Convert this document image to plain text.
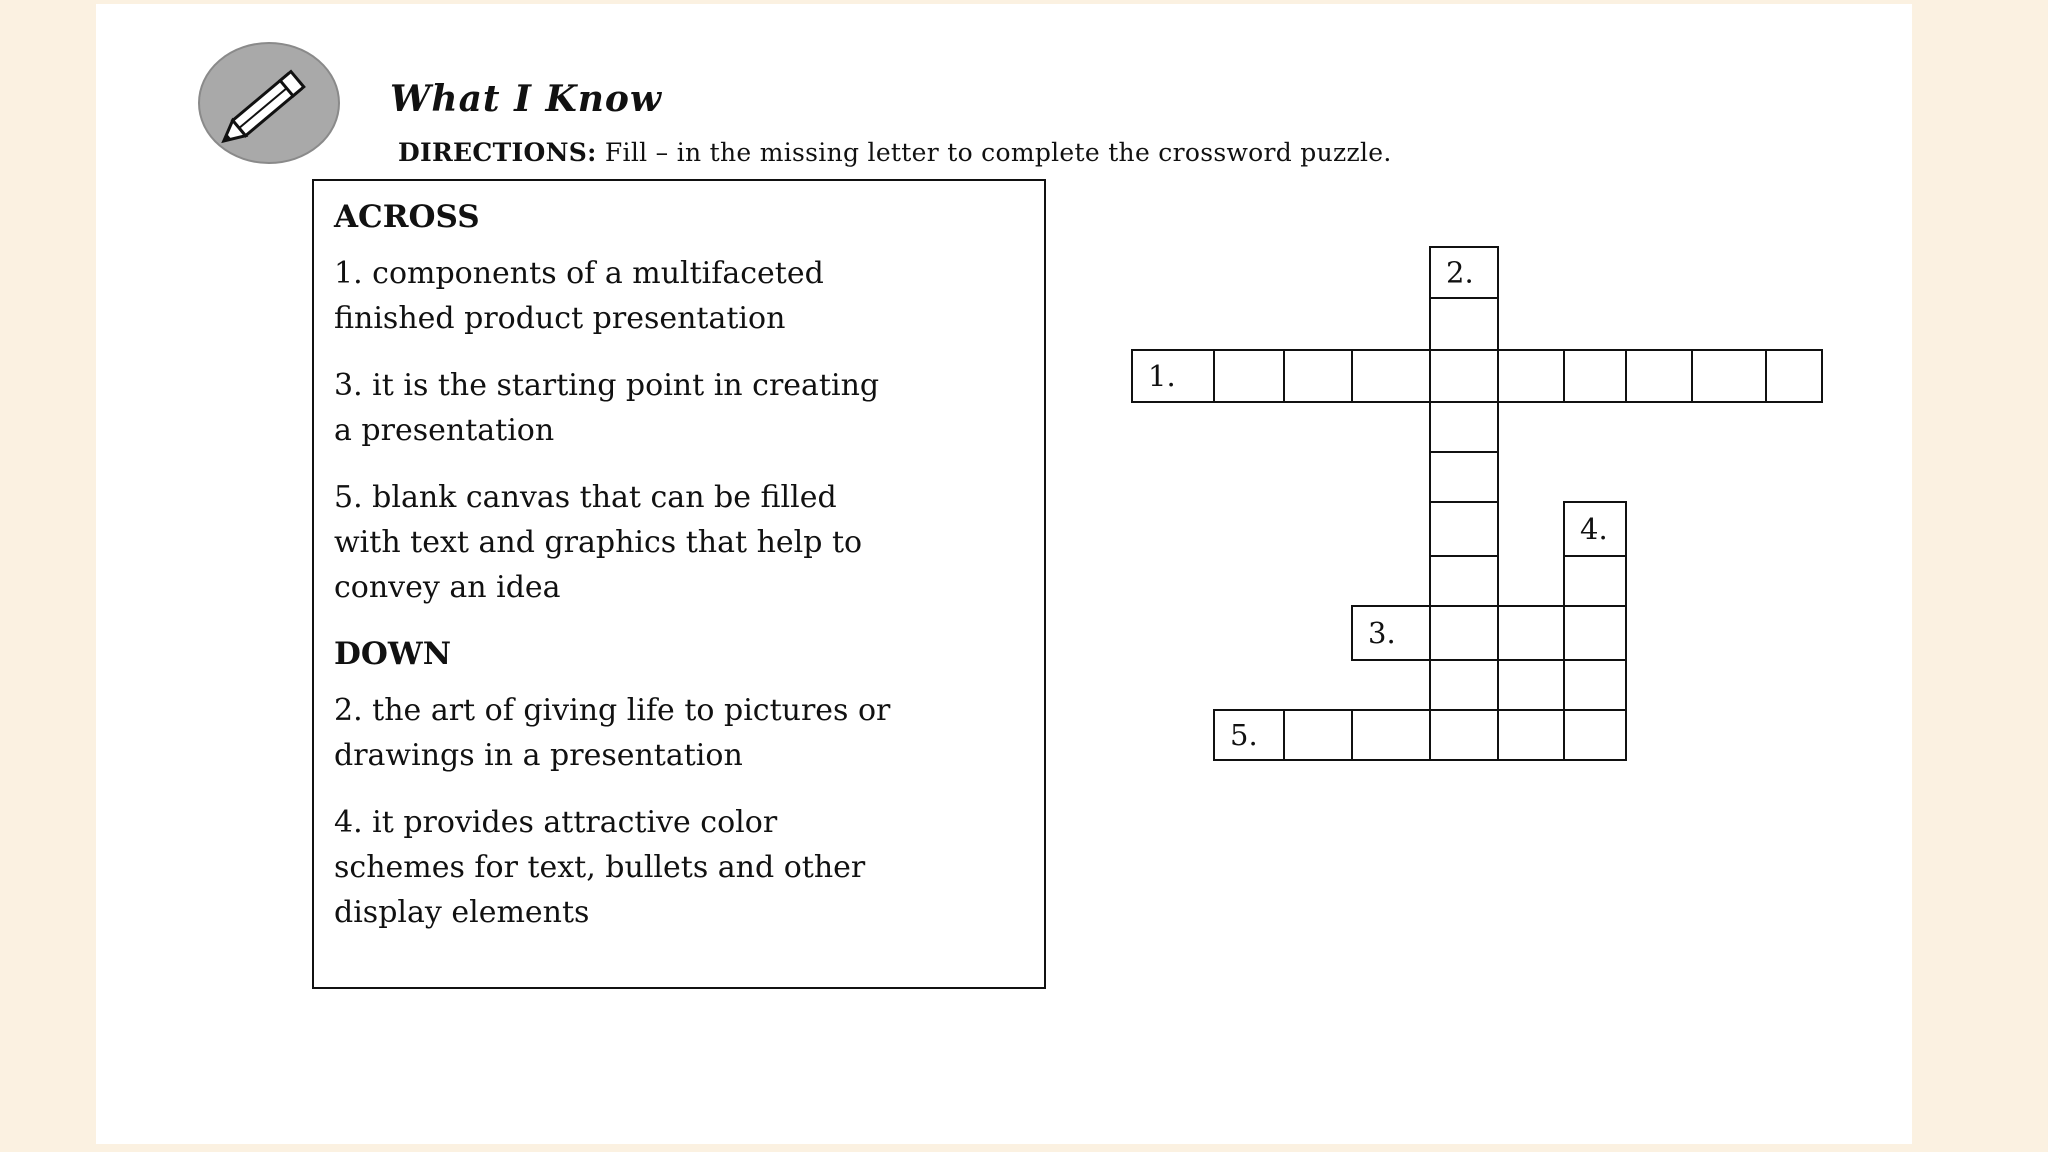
What I Know
DIRECTIONS: Fill – in the missing letter to complete the crossword puzzle.
ACROSS
1. components of a multifaceted
finished product presentation
3. it is the starting point in creating
a presentation
5. blank canvas that can be filled
with text and graphics that help to
convey an idea
DOWN
2. the art of giving life to pictures or
drawings in a presentation
4. it provides attractive color
schemes for text, bullets and other
display elements
2.
1.
4.
3.
5.
